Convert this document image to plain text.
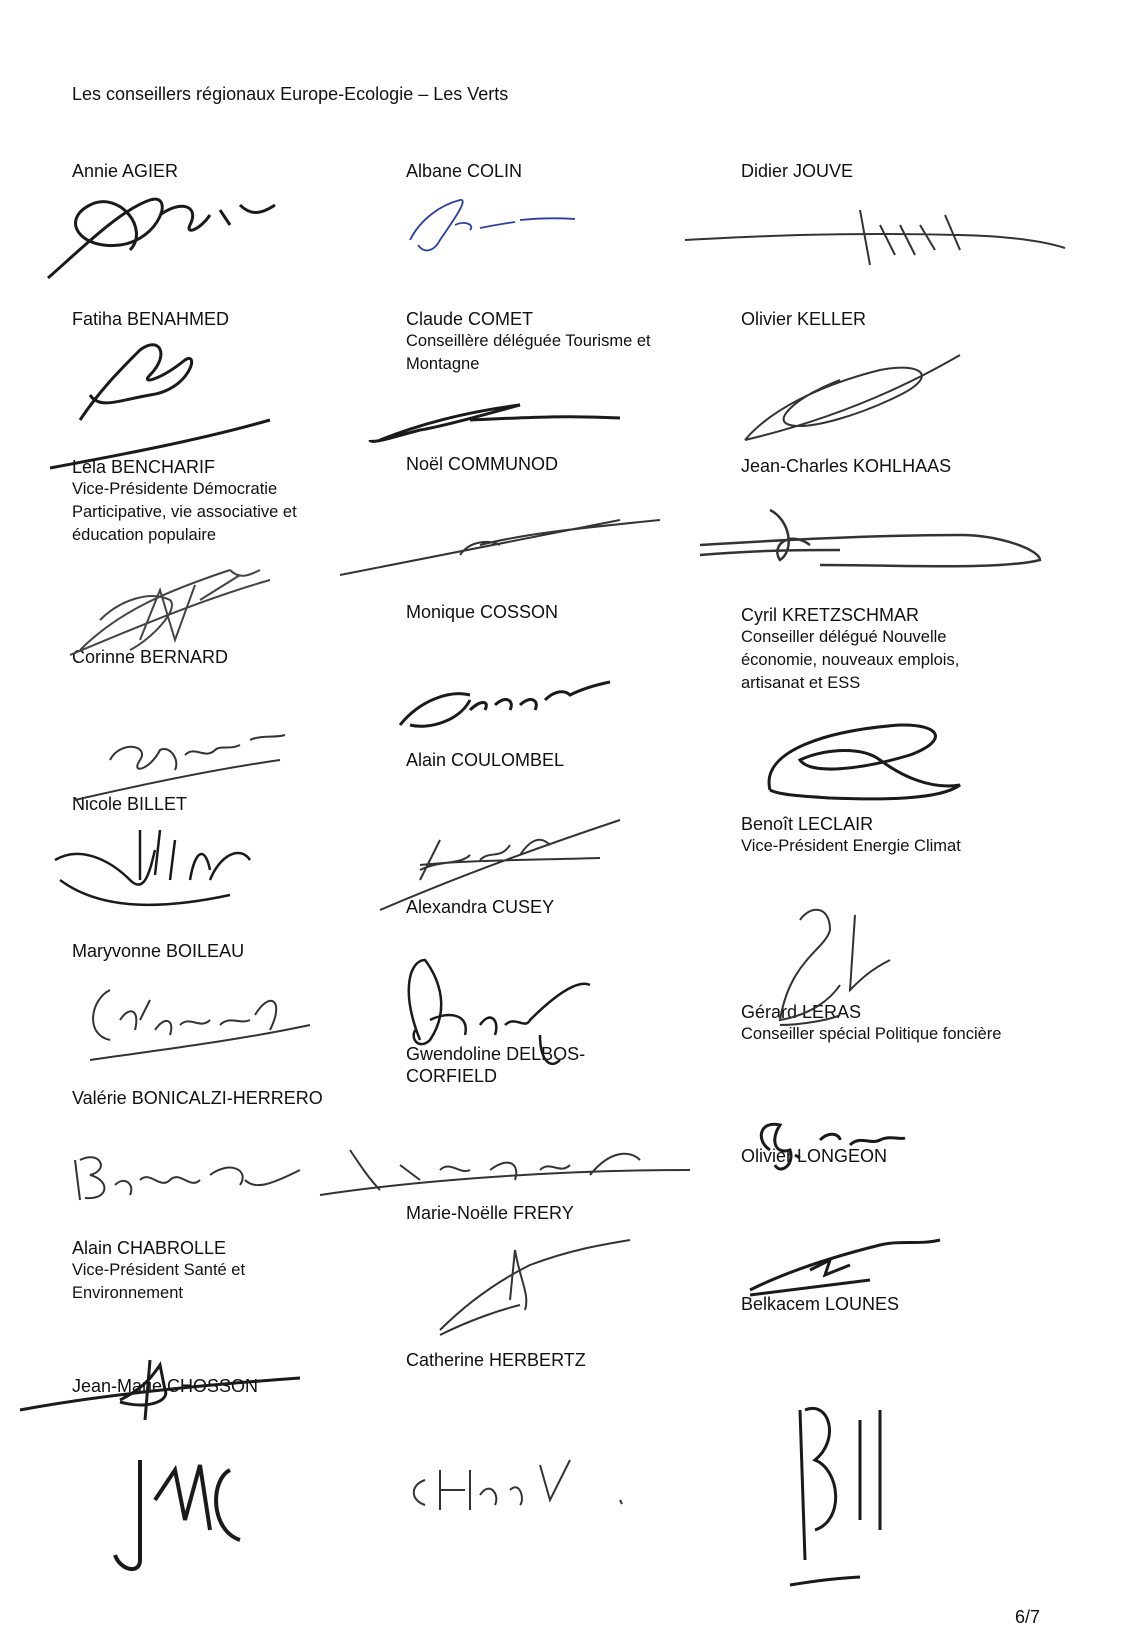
Les conseillers régionaux Europe-Ecologie – Les Verts
Annie AGIER
Fatiha BENAHMED
Lela BENCHARIF
Vice-Présidente Démocratie Participative, vie associative et éducation populaire
Corinne BERNARD
Nicole BILLET
Maryvonne BOILEAU
Valérie BONICALZI-HERRERO
Alain CHABROLLE
Vice-Président Santé et Environnement
Jean-Marie CHOSSON
Albane COLIN
Claude COMET
Conseillère déléguée Tourisme et Montagne
Noël COMMUNOD
Monique COSSON
Alain COULOMBEL
Alexandra CUSEY
Gwendoline DELBOS-CORFIELD
Marie-Noëlle FRERY
Catherine HERBERTZ
Didier JOUVE
Olivier KELLER
Jean-Charles KOHLHAAS
Cyril KRETZSCHMAR
Conseiller délégué Nouvelle économie, nouveaux emplois, artisanat et ESS
Benoît LECLAIR
Vice-Président Energie Climat
Gérard LERAS
Conseiller spécial Politique foncière
Olivier LONGEON
Belkacem LOUNES
6/7
